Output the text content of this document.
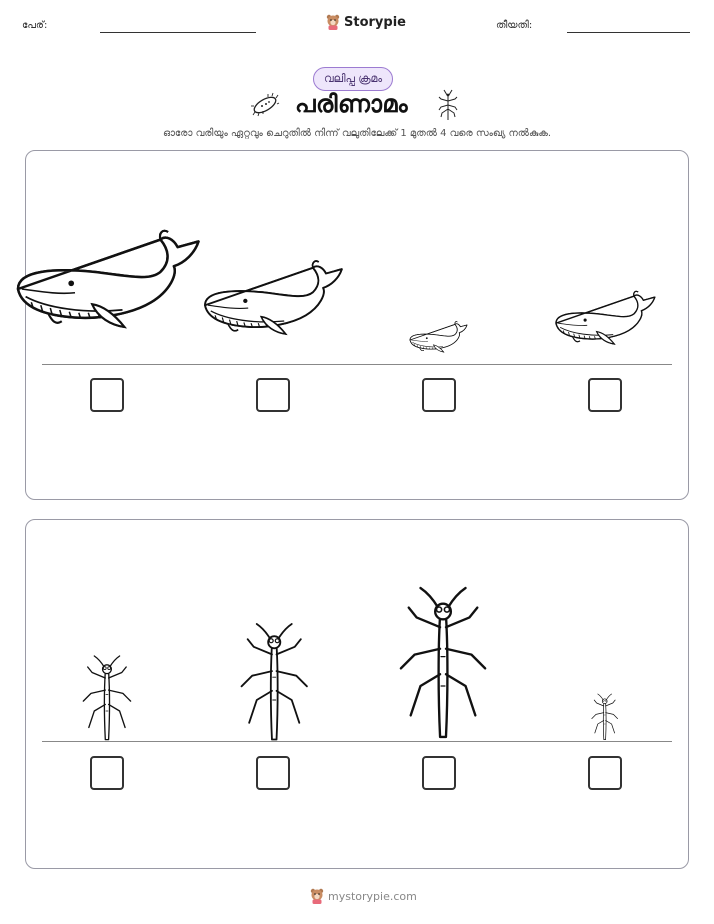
പേര്:	Storypie	തീയതി:
വലിപ്പ ക്രമം
പരിണാമം
ഓരോ വരിയും ഏറ്റവും ചെറുതിൽ നിന്ന് വലുതിലേക്ക് 1 മുതൽ 4 വരെ സംഖ്യ നൽകുക.
mystorypie.com
